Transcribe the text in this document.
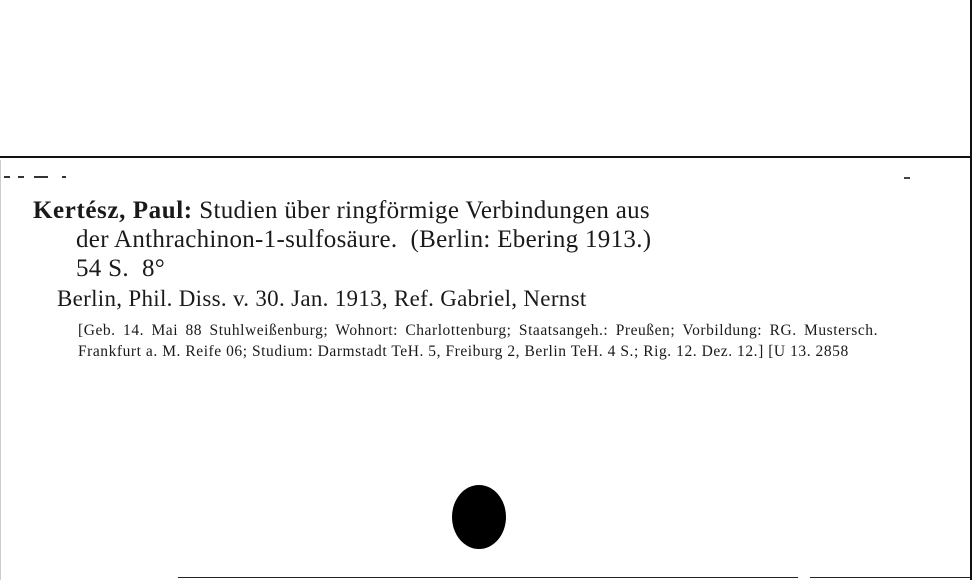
Kertész, Paul: Studien über ringförmige Verbindungen aus
der Anthrachinon-1-sulfosäure.  (Berlin: Ebering 1913.)
54 S.  8°

Berlin, Phil. Diss. v. 30. Jan. 1913, Ref. Gabriel, Nernst

[Geb. 14. Mai 88 Stuhlweißenburg; Wohnort: Charlottenburg; Staatsangeh.: Preußen; Vorbildung: RG. Mustersch. Frankfurt a. M. Reife 06; Studium: Darmstadt TeH. 5, Freiburg 2, Berlin TeH. 4 S.; Rig. 12. Dez. 12.] [U 13. 2858
